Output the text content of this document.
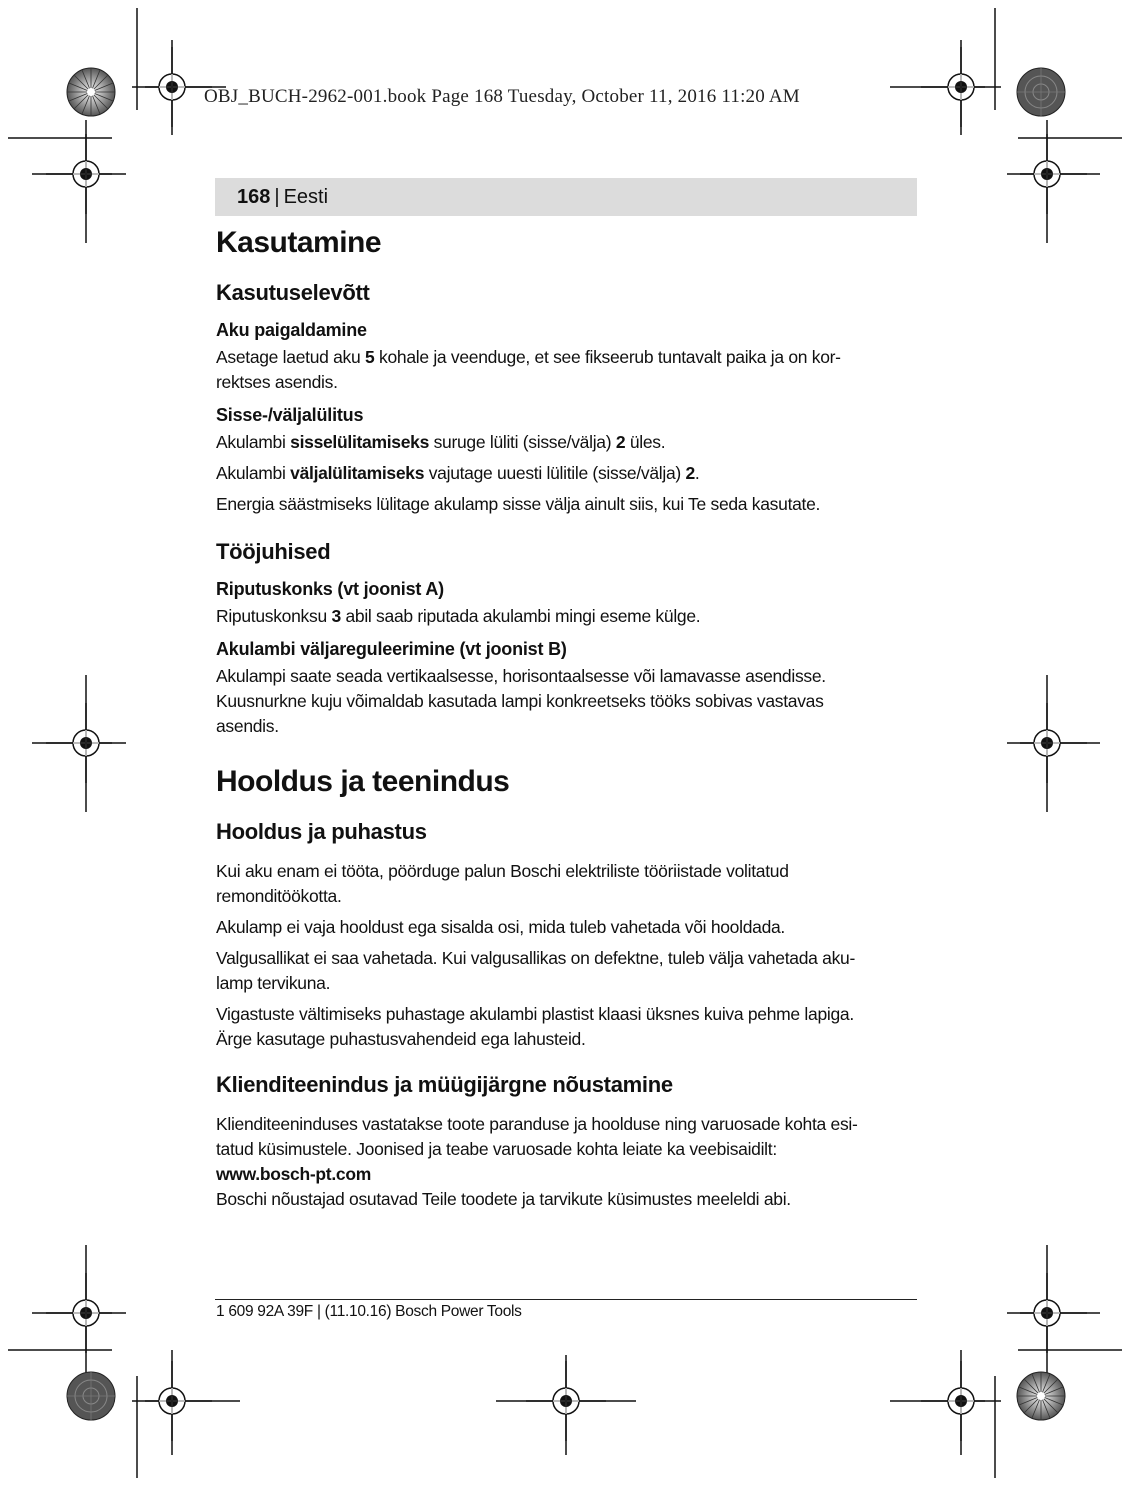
OBJ_BUCH-2962-001.book Page 168 Tuesday, October 11, 2016 11:20 AM
168 | Eesti
Kasutamine
Kasutuselevõtt
Aku paigaldamine

Asetage laetud aku 5 kohale ja veenduge, et see fikseerub tuntavalt paika ja on kor-
rektses asendis.

Sisse-/väljalülitus

Akulambi sisselülitamiseks suruge lüliti (sisse/välja) 2 üles.

Akulambi väljalülitamiseks vajutage uuesti lülitile (sisse/välja) 2.

Energia säästmiseks lülitage akulamp sisse välja ainult siis, kui Te seda kasutate.

Tööjuhised
Riputuskonks (vt joonist A)

Riputuskonksu 3 abil saab riputada akulambi mingi eseme külge.

Akulambi väljareguleerimine (vt joonist B)

Akulampi saate seada vertikaalsesse, horisontaalsesse või lamavasse asendisse.
Kuusnurkne kuju võimaldab kasutada lampi konkreetseks tööks sobivas vastavas
asendis.

Hooldus ja teenindus
Hooldus ja puhastus

Kui aku enam ei tööta, pöörduge palun Boschi elektriliste tööriistade volitatud
remonditöökotta.

Akulamp ei vaja hooldust ega sisalda osi, mida tuleb vahetada või hooldada.

Valgusallikat ei saa vahetada. Kui valgusallikas on defektne, tuleb välja vahetada aku-
lamp tervikuna.

Vigastuste vältimiseks puhastage akulambi plastist klaasi üksnes kuiva pehme lapiga.
Ärge kasutage puhastusvahendeid ega lahusteid.

Klienditeenindus ja müügijärgne nõustamine

Klienditeeninduses vastatakse toote paranduse ja hoolduse ning varuosade kohta esi-
tatud küsimustele. Joonised ja teabe varuosade kohta leiate ka veebisaidilt:

www.bosch-pt.com

Boschi nõustajad osutavad Teile toodete ja tarvikute küsimustes meeleldi abi.

1 609 92A 39F | (11.10.16) Bosch Power Tools
